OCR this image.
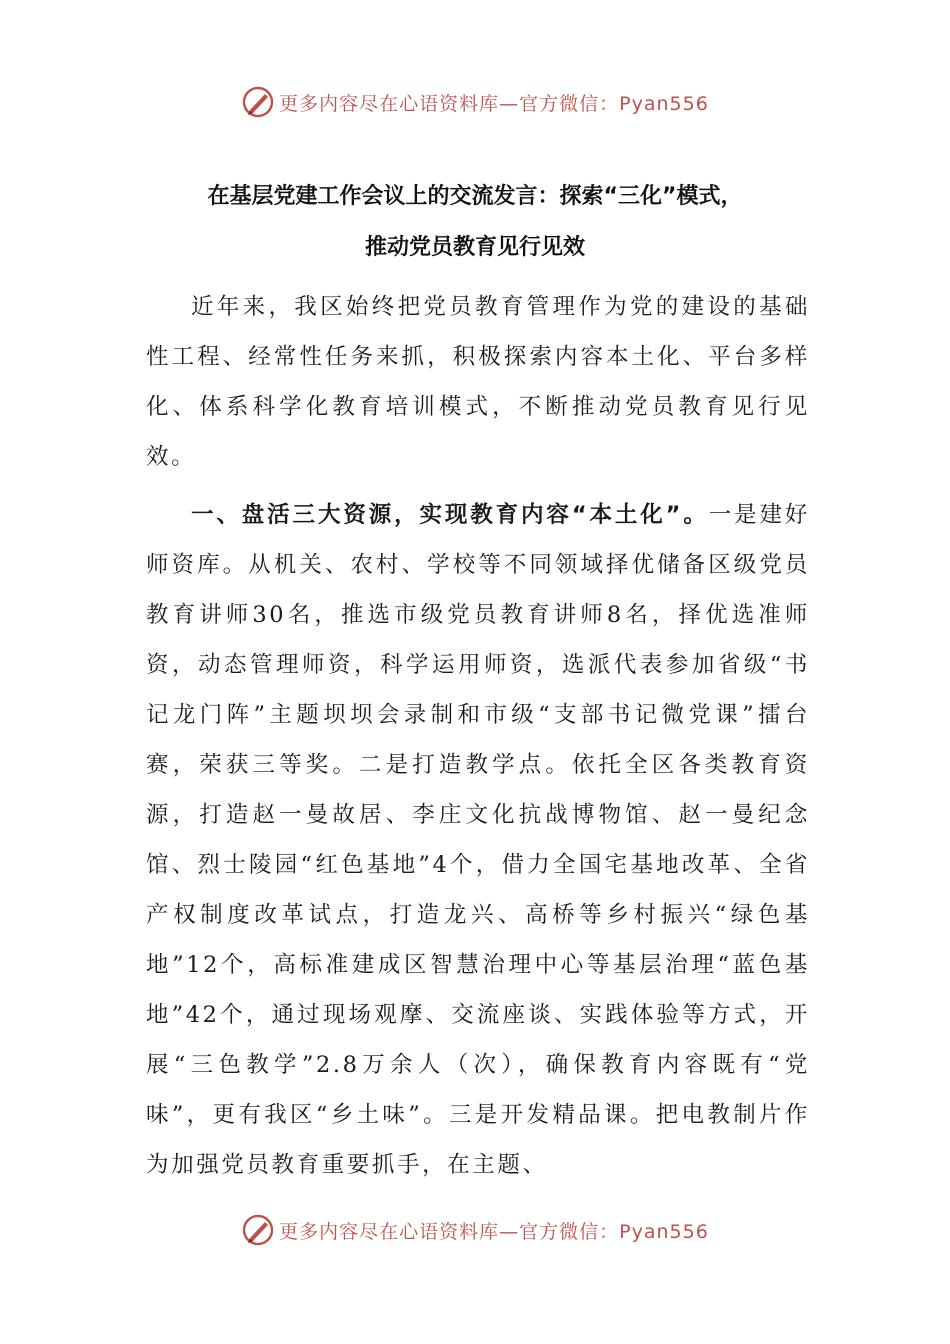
更多内容尽在心语资料库—官方微信：Pyan556
在基层党建工作会议上的交流发言：探索“三化”模式，
推动党员教育见行见效

近年来，我区始终把党员教育管理作为党的建设的基础性工程、经常性任务来抓，积极探索内容本土化、平台多样化、体系科学化教育培训模式，不断推动党员教育见行见效。

一、盘活三大资源，实现教育内容“本土化”。一是建好师资库。从机关、农村、学校等不同领域择优储备区级党员教育讲师30名，推选市级党员教育讲师8名，择优选准师资，动态管理师资，科学运用师资，选派代表参加省级“书记龙门阵”主题坝坝会录制和市级“支部书记微党课”擂台赛，荣获三等奖。二是打造教学点。依托全区各类教育资源，打造赵一曼故居、李庄文化抗战博物馆、赵一曼纪念馆、烈士陵园“红色基地”4个，借力全国宅基地改革、全省产权制度改革试点，打造龙兴、高桥等乡村振兴“绿色基地”12个，高标准建成区智慧治理中心等基层治理“蓝色基地”42个，通过现场观摩、交流座谈、实践体验等方式，开展“三色教学”2.8万余人（次），确保教育内容既有“党味”，更有我区“乡土味”。三是开发精品课。把电教制片作为加强党员教育重要抓手，在主题、

更多内容尽在心语资料库—官方微信：Pyan556
